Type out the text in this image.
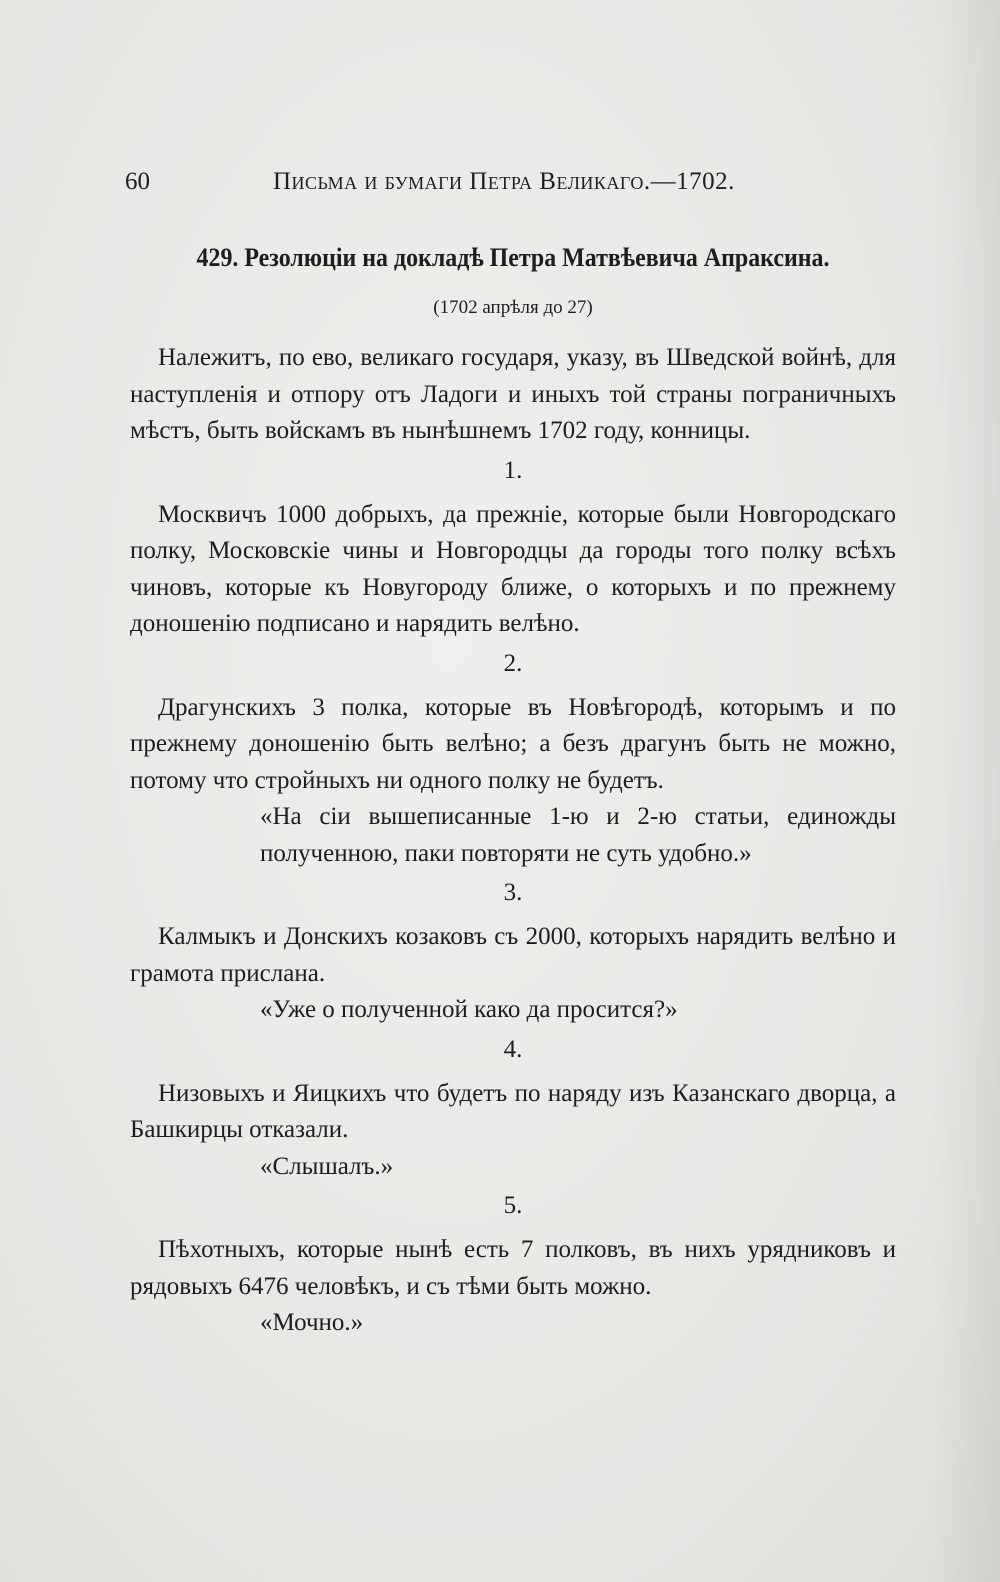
60	Письма и бумаги Петра Великаго.—1702.
429. Резолюціи на докладѣ Петра Матвѣевича Апраксина.
(1702 апрѣля до 27)

Належитъ, по ево, великаго государя, указу, въ Шведской войнѣ, для наступленія и отпору отъ Ладоги и иныхъ той страны пограничныхъ мѣстъ, быть войскамъ въ нынѣшнемъ 1702 году, конницы.

1.

Москвичъ 1000 добрыхъ, да прежніе, которые были Новгородскаго полку, Московскіе чины и Новгородцы да городы того полку всѣхъ чиновъ, которые къ Новугороду ближе, о которыхъ и по прежнему доношенію подписано и нарядить велѣно.

2.

Драгунскихъ 3 полка, которые въ Новѣгородѣ, которымъ и по прежнему доношенію быть велѣно; а безъ драгунъ быть не можно, потому что стройныхъ ни одного полку не будетъ.

«На сіи вышеписанные 1-ю и 2-ю статьи, единожды полученною, паки повторяти не суть удобно.»

3.

Калмыкъ и Донскихъ козаковъ съ 2000, которыхъ нарядить велѣно и грамота прислана.

«Уже о полученной како да просится?»

4.

Низовыхъ и Яицкихъ что будетъ по наряду изъ Казанскаго дворца, а Башкирцы отказали.

«Слышалъ.»

5.

Пѣхотныхъ, которые нынѣ есть 7 полковъ, въ нихъ урядниковъ и рядовыхъ 6476 человѣкъ, и съ тѣми быть можно.

«Мочно.»
